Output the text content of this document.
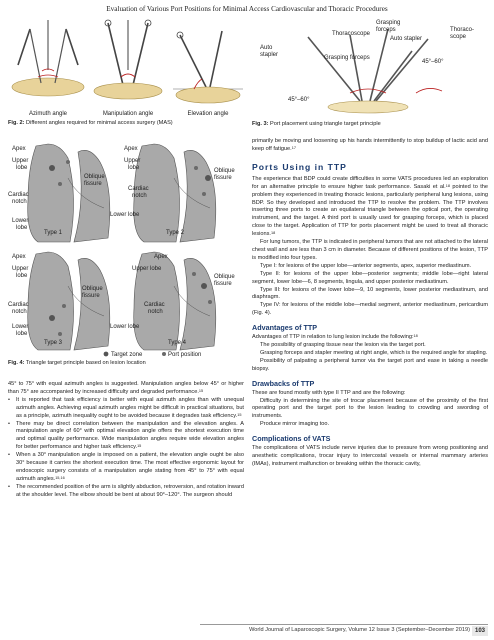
Evaluation of Various Port Positions for Minimal Access Cardiovascular and Thoracic Procedures
Azimuth angle	Manipulation angle	Elevation angle
Fig. 2: Different angles required for minimal access surgery (MAS)
Grasping
forceps
Thoracoscope
Auto
stapler
Auto stapler
Grasping forceps
Thoraco-
scope
45°–60°
45°–60°
Fig. 3: Port placement using triangle target principle
Apex
Upper
lobe
Cardiac
notch
Lower
lobe
Oblique
fissure
Type 1
Apex
Upper
lobe
Cardiac
notch
Lower lobe
Oblique
fissure
Type 2
Apex
Upper
lobe
Cardiac
notch
Lower
lobe
Oblique
fissure
Type 3
Apex
Upper lobe
Cardiac
notch
Lower lobe
Oblique
fissure
Type 4
Target zone	Port position
Fig. 4: Triangle target principle based on lesion location

45° to 75° with equal azimuth angles is suggested. Manipulation angles below 45° or higher than 75° are accompanied by increased difficulty and degraded performance.$^{15}$

• It is reported that task efficiency is better with equal azimuth angles than with unequal azimuth angles. Achieving equal azimuth angles might be difficult in practical situations, but as a principle, azimuth inequality ought to be avoided because it degrades task efficiency.$^{15}$
• There may be direct correlation between the manipulation and the elevation angles. A manipulation angle of 60° with optimal elevation angle offers the shortest execution time and optimal quality performance. Wide manipulation angles require wide elevation angles for better performance and higher task efficiency.$^{15}$
• When a 30° manipulation angle is imposed on a patient, the elevation angle ought be also 30° because it carries the shortest execution time. The most effective ergonomic layout for endoscopic surgery consists of a manipulation angle stating from 45° to 75° with equal azimuth angles.$^{15,16}$
• The recommended position of the arm is slightly abduction, retroversion, and rotation inward at the shoulder level. The elbow should be bent at about 90°–120°. The surgeon should

primarily be moving and loosening up his hands intermittently to stop buildup of lactic acid and keep off fatigue.$^{17}$

Ports Using in TTP

The experience that BDP could create difficulties in some VATS procedures led an exploration for an alternative principle to ensure higher task performance. Sasaki et al.$^{18}$ pointed to the problem they experienced in treating thoracic lesions, particularly peripheral lung lesions, using BDP. So they developed and introduced the TTP to resolve the problem. The TTP involves inserting three ports to create an equilateral triangle between the optical port, the operating instrument, and the target. A third port is usually used for grasping forceps, which is placed close to the target. Application of TTP for ports placement might be used to treat all thoracic lesions.$^{18}$

For lung tumors, the TTP is indicated in peripheral tumors that are not attached to the lateral chest wall and are less than 3 cm in diameter. Because of different positions of the lesion, TTP is modified into four types.

Type I: for lesions of the upper lobe—anterior segments, apex, superior mediastinum.

Type II: for lesions of the upper lobe—posterior segments; middle lobe—right lateral segment, lower lobe—6, 8 segments, lingula, and upper posterior mediastinum.

Type III: for lesions of the lower lobe—9, 10 segments, lower posterior mediastinum, and diaphragm.

Type IV: for lesions of the middle lobe—medial segment, anterior mediastinum, pericardium (Fig. 4).

Advantages of TTP

Advantages of TTP in relation to lung lesion include the following:$^{18}$

The possibility of grasping tissue near the lesion via the target port.

Grasping forceps and stapler meeting at right angle, which is the required angle for stapling.

Possibility of palpating a peripheral tumor via the target port and ease in taking a needle biopsy.

Drawbacks of TTP

These are found mostly with type II TTP and are the following:

Difficulty in determining the site of trocar placement because of the proximity of the first operating port and the target port to the lesion leading to crowding and swording of instruments.

Produce mirror imaging too.

Complications of VATS

The complications of VATS include nerve injuries due to pressure from wrong positioning and anesthetic complications, trocar injury to intercostal vessels or internal mammary arteries (IMAs), instrument malfunction or breaking within the thoracic cavity,

World Journal of Laparoscopic Surgery, Volume 12 Issue 3 (September–December 2019) 103
